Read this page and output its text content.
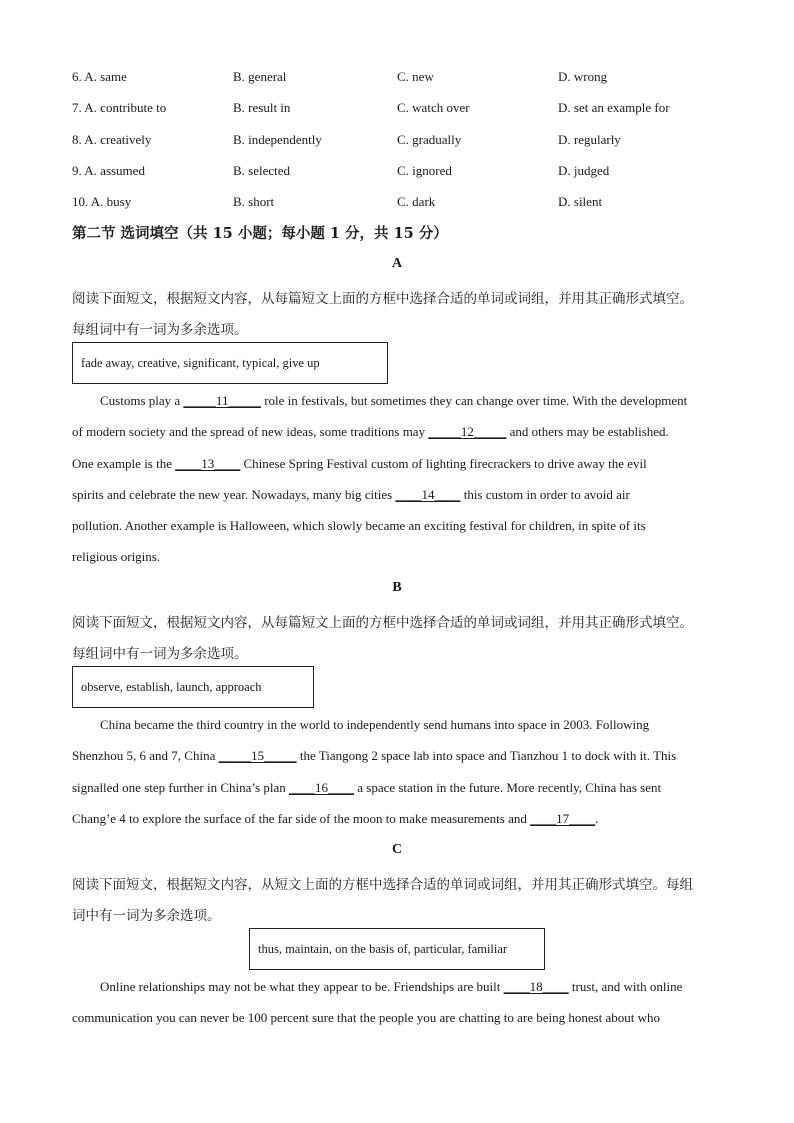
6. A. same	B. general	C. new	D. wrong
7. A. contribute to	B. result in	C. watch over	D. set an example for
8. A. creatively	B. independently	C. gradually	D. regularly
9. A. assumed	B. selected	C. ignored	D. judged
10. A. busy	B. short	C. dark	D. silent
第二节 选词填空（共 15 小题；每小题 1 分，共 15 分）
A
阅读下面短文，根据短文内容，从每篇短文上面的方框中选择合适的单词或词组，并用其正确形式填空。
每组词中有一词为多余选项。
fade away, creative, significant, typical, give up
Customs play a _____11_____ role in festivals, but sometimes they can change over time. With the development
of modern society and the spread of new ideas, some traditions may _____12_____ and others may be established.
One example is the ____13____ Chinese Spring Festival custom of lighting firecrackers to drive away the evil
spirits and celebrate the new year. Nowadays, many big cities ____14____ this custom in order to avoid air
pollution. Another example is Halloween, which slowly became an exciting festival for children, in spite of its
religious origins.
B
阅读下面短文，根据短文内容，从每篇短文上面的方框中选择合适的单词或词组，并用其正确形式填空。
每组词中有一词为多余选项。
observe, establish, launch, approach
China became the third country in the world to independently send humans into space in 2003. Following
Shenzhou 5, 6 and 7, China _____15_____ the Tiangong 2 space lab into space and Tianzhou 1 to dock with it. This
signalled one step further in China’s plan ____16____ a space station in the future. More recently, China has sent
Chang’e 4 to explore the surface of the far side of the moon to make measurements and ____17____.
C
阅读下面短文，根据短文内容，从短文上面的方框中选择合适的单词或词组，并用其正确形式填空。每组
词中有一词为多余选项。
thus, maintain, on the basis of, particular, familiar
Online relationships may not be what they appear to be. Friendships are built ____18____ trust, and with online
communication you can never be 100 percent sure that the people you are chatting to are being honest about who
